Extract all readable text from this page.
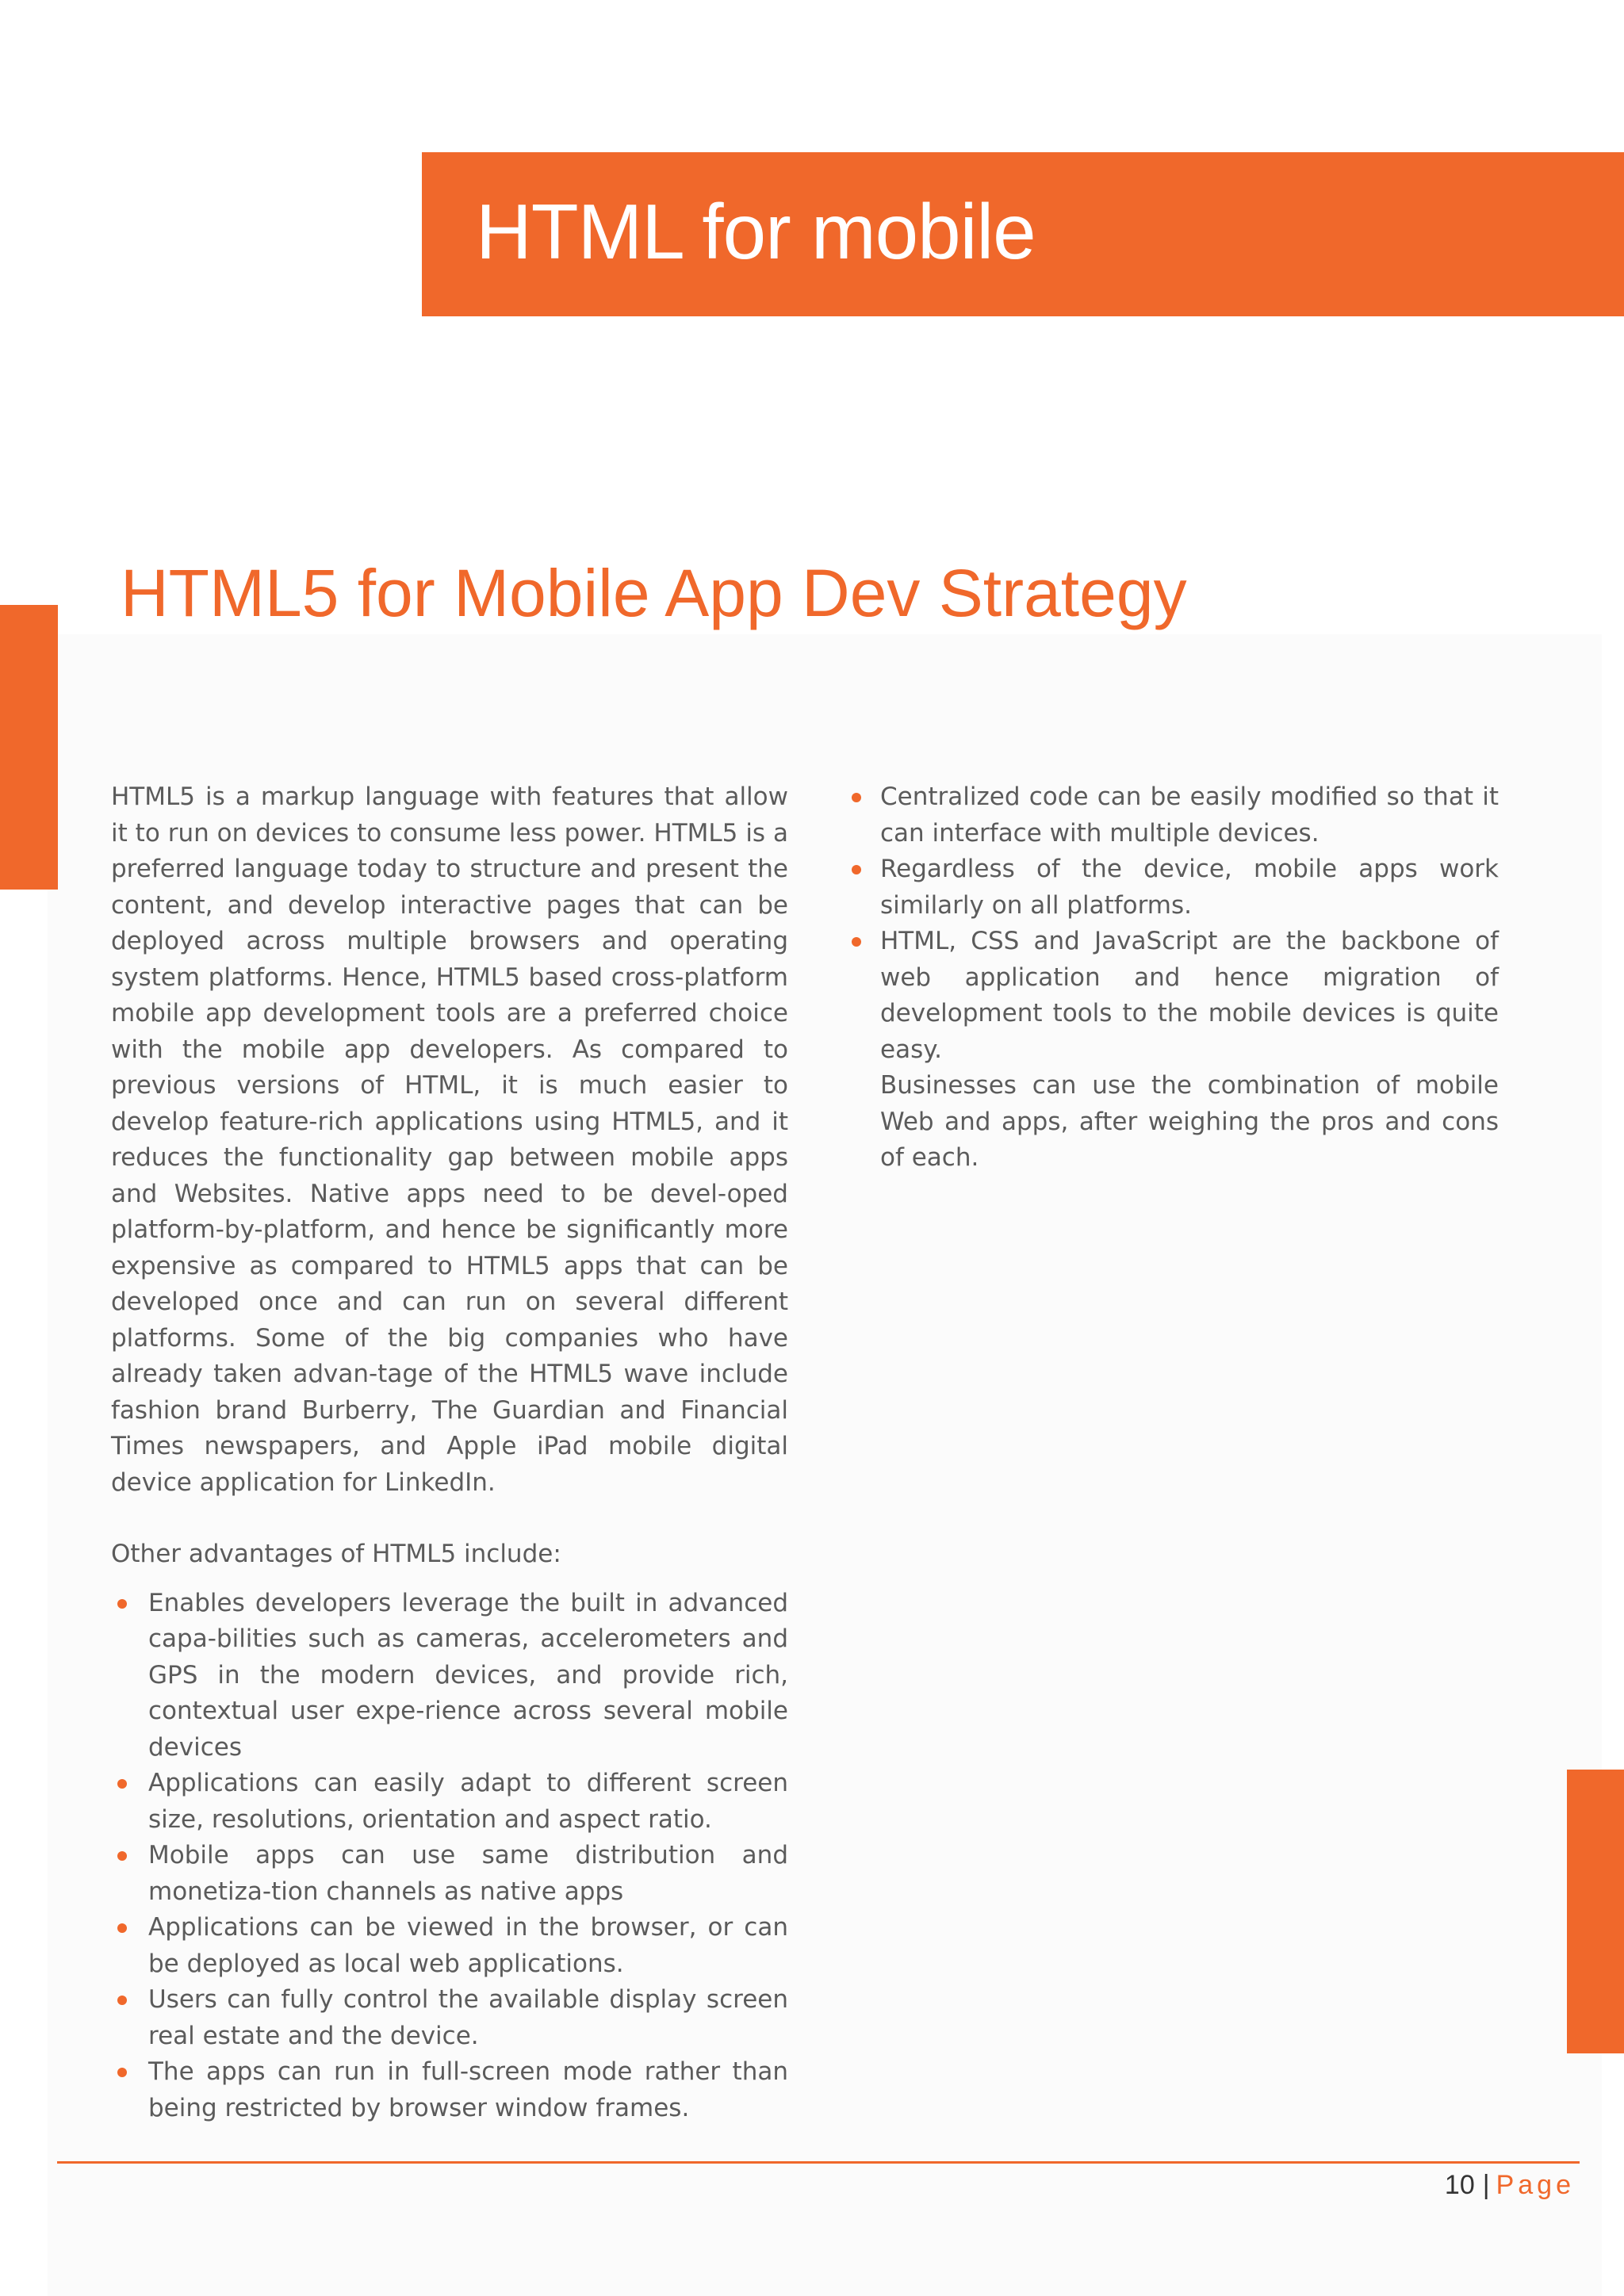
HTML for mobile
HTML5 for Mobile App Dev Strategy

HTML5 is a markup language with features that allow it to run on devices to consume less power. HTML5 is a preferred language today to structure and present the content, and develop interactive pages that can be deployed across multiple browsers and operating system platforms. Hence, HTML5 based cross-platform mobile app development tools are a preferred choice with the mobile app developers. As compared to previous versions of HTML, it is much easier to develop feature-rich applications using HTML5, and it reduces the functionality gap between mobile apps and Websites. Native apps need to be devel-oped platform-by-platform, and hence be significantly more expensive as compared to HTML5 apps that can be developed once and can run on several different platforms. Some of the big companies who have already taken advan-tage of the HTML5 wave include fashion brand Burberry, The Guardian and Financial Times newspapers, and Apple iPad mobile digital device application for LinkedIn.

Other advantages of HTML5 include:

Enables developers leverage the built in advanced capa-bilities such as cameras, accelerometers and GPS in the modern devices, and provide rich, contextual user expe-rience across several mobile devices
Applications can easily adapt to different screen size, resolutions, orientation and aspect ratio.
Mobile apps can use same distribution and monetiza-tion channels as native apps
Applications can be viewed in the browser, or can be deployed as local web applications.
Users can fully control the available display screen real estate and the device.
The apps can run in full-screen mode rather than being restricted by browser window frames.
Centralized code can be easily modified so that it can interface with multiple devices.
Regardless of the device, mobile apps work similarly on all platforms.
HTML, CSS and JavaScript are the backbone of web application and hence migration of development tools to the mobile devices is quite easy.

Businesses can use the combination of mobile Web and apps, after weighing the pros and cons of each.

10 | Page
